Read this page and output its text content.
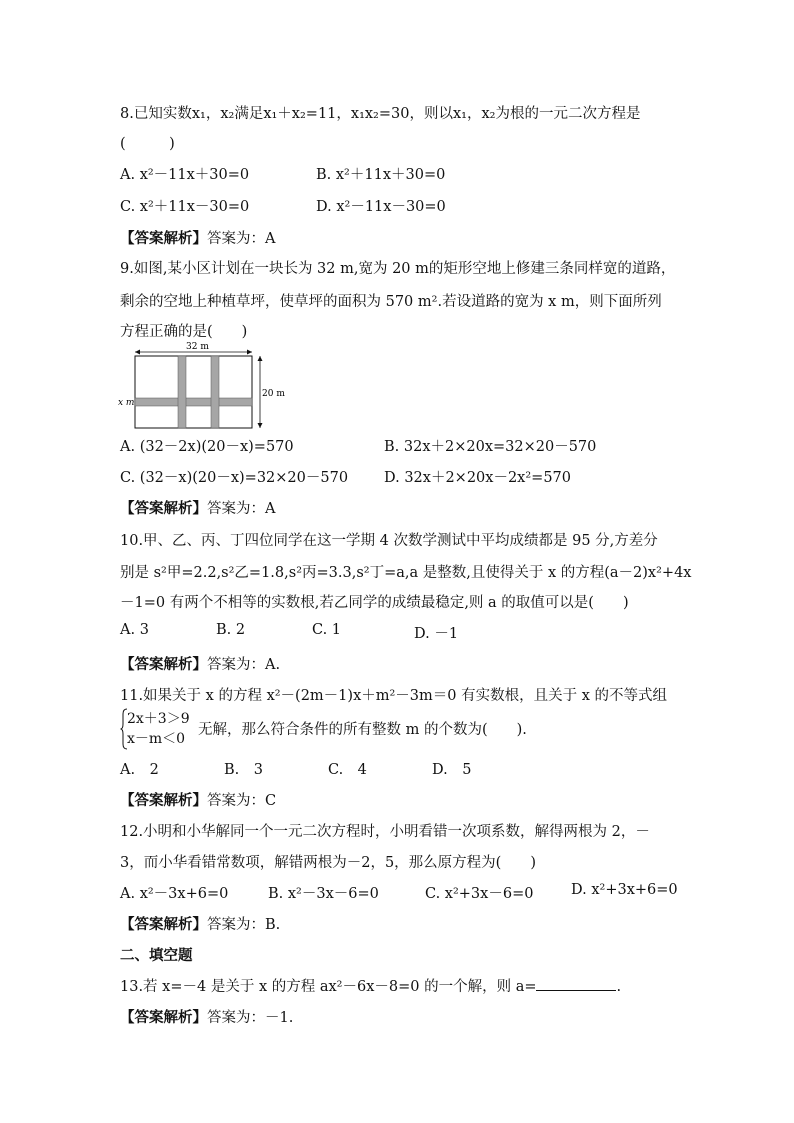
8.已知实数x₁，x₂满足x₁＋x₂=11，x₁x₂=30，则以x₁，x₂为根的一元二次方程是
(　　　)
A. x²－11x＋30=0	B. x²＋11x＋30=0
C. x²＋11x－30=0	D. x²－11x－30=0
【答案解析】答案为：A
9.如图,某小区计划在一块长为 32 m,宽为 20 m的矩形空地上修建三条同样宽的道路，
剩余的空地上种植草坪，使草坪的面积为 570 m².若设道路的宽为 x m，则下面所列
方程正确的是(　　)
32 m
20 m
x m
A. (32－2x)(20－x)=570	B. 32x＋2×20x=32×20－570
C. (32－x)(20－x)=32×20－570 D. 32x＋2×20x－2x²=570
【答案解析】答案为：A
10.甲、乙、丙、丁四位同学在这一学期 4 次数学测试中平均成绩都是 95 分,方差分
别是 s²甲=2.2,s²乙=1.8,s²丙=3.3,s²丁=a,a 是整数,且使得关于 x 的方程(a－2)x²+4x
－1=0 有两个不相等的实数根,若乙同学的成绩最稳定,则 a 的取值可以是(　　)
A. 3	B. 2	C. 1	D. －1
【答案解析】答案为：A.
11.如果关于 x 的方程 x²－(2m－1)x＋m²－3m＝0 有实数根，且关于 x 的不等式组
2x＋3＞9
x－m＜0
无解，那么符合条件的所有整数 m 的个数为(　　).
A.　2	B.　3	C.　4	D.　5
【答案解析】答案为：C
12.小明和小华解同一个一元二次方程时，小明看错一次项系数，解得两根为 2，－
3，而小华看错常数项，解错两根为－2，5，那么原方程为(　　)
A. x²－3x+6=0	B. x²－3x－6=0	C. x²+3x－6=0	D. x²+3x+6=0
【答案解析】答案为：B.
二、填空题
13.若 x=－4 是关于 x 的方程 ax²－6x－8=0 的一个解，则 a=	.
【答案解析】答案为：－1.
